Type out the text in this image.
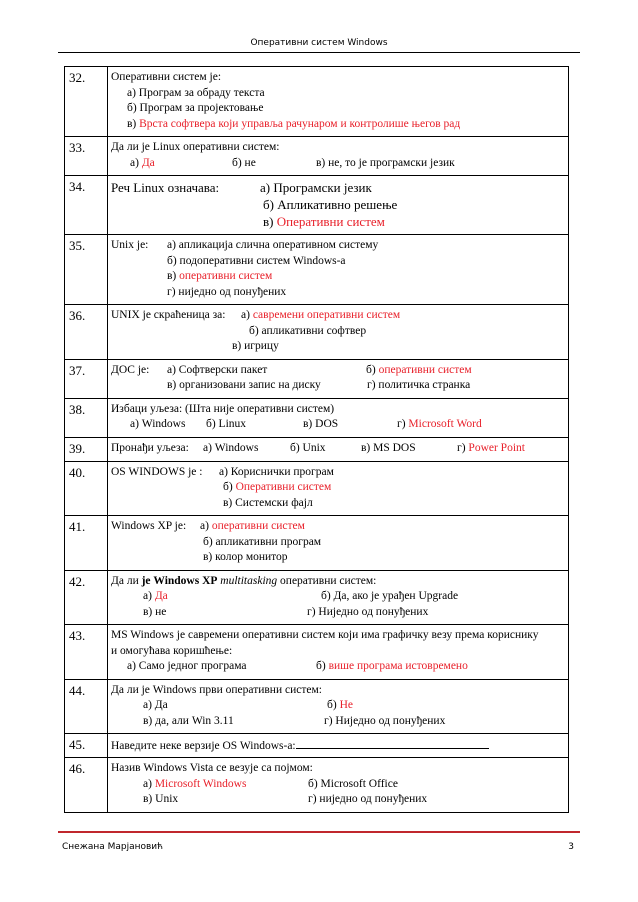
Оперативни систем Windows
32.	Оперативни систем је:
а) Програм за обраду текста
б) Програм за пројектовање
в) Врста софтвера који управља рачунаром и контролише његов рад

33.	Да ли је Linux оперативни систем:
а) Да б) не в) не, то је програмски језик

34.	Реч Linux означава: а) Програмски језик
б) Апликативно решење
в) Оперативни систем

35.	Unix је: а) апликација слична оперативном систему
б) подоперативни систем Windows-a
в) оперативни систем
г) ниједно од понуђених

36.	UNIX је скраћеница за: а) савремени оперативни систем
б) апликативни софтвер
в) игрицу

37.	ДОС је: а) Софтверски пакет б) оперативни систем
в) организовани запис на диску г) политичка странка

38.	Избаци уљеза: (Шта није оперативни систем)
а) Windows б) Linux в) DOS г) Microsoft Word

39.	Пронађи уљеза: а) Windows б) Unix в) MS DOS г) Power Point

40.	OS WINDOWS је : а) Кориснички програм
б) Оперативни систем
в) Системски фајл

41.	Windows XP је: а) оперативни систем
б) апликативни програм
в) колор монитор

42.	Да ли је Windows XP multitasking оперативни систем:
а) Да б) Да, ако је урађен Upgrade
в) не г) Ниједно од понуђених

43.	MS Windows је савремени оперативни систем који има графичку везу према кориснику
и омогућава коришћење:
а) Само једног програма б) више програма истовремено

44.	Да ли је Windows први оперативни систем:
а) Да б) Не
в) да, али Win 3.11 г) Ниједно од понуђених

45.	Наведите неке верзије OS Windows-a:

46.	Назив Windows Vista се везује са појмом:
а) Microsoft Windows б) Microsoft Office
в) Unix г) ниједно од понуђених
Снежана Марјановић	3
